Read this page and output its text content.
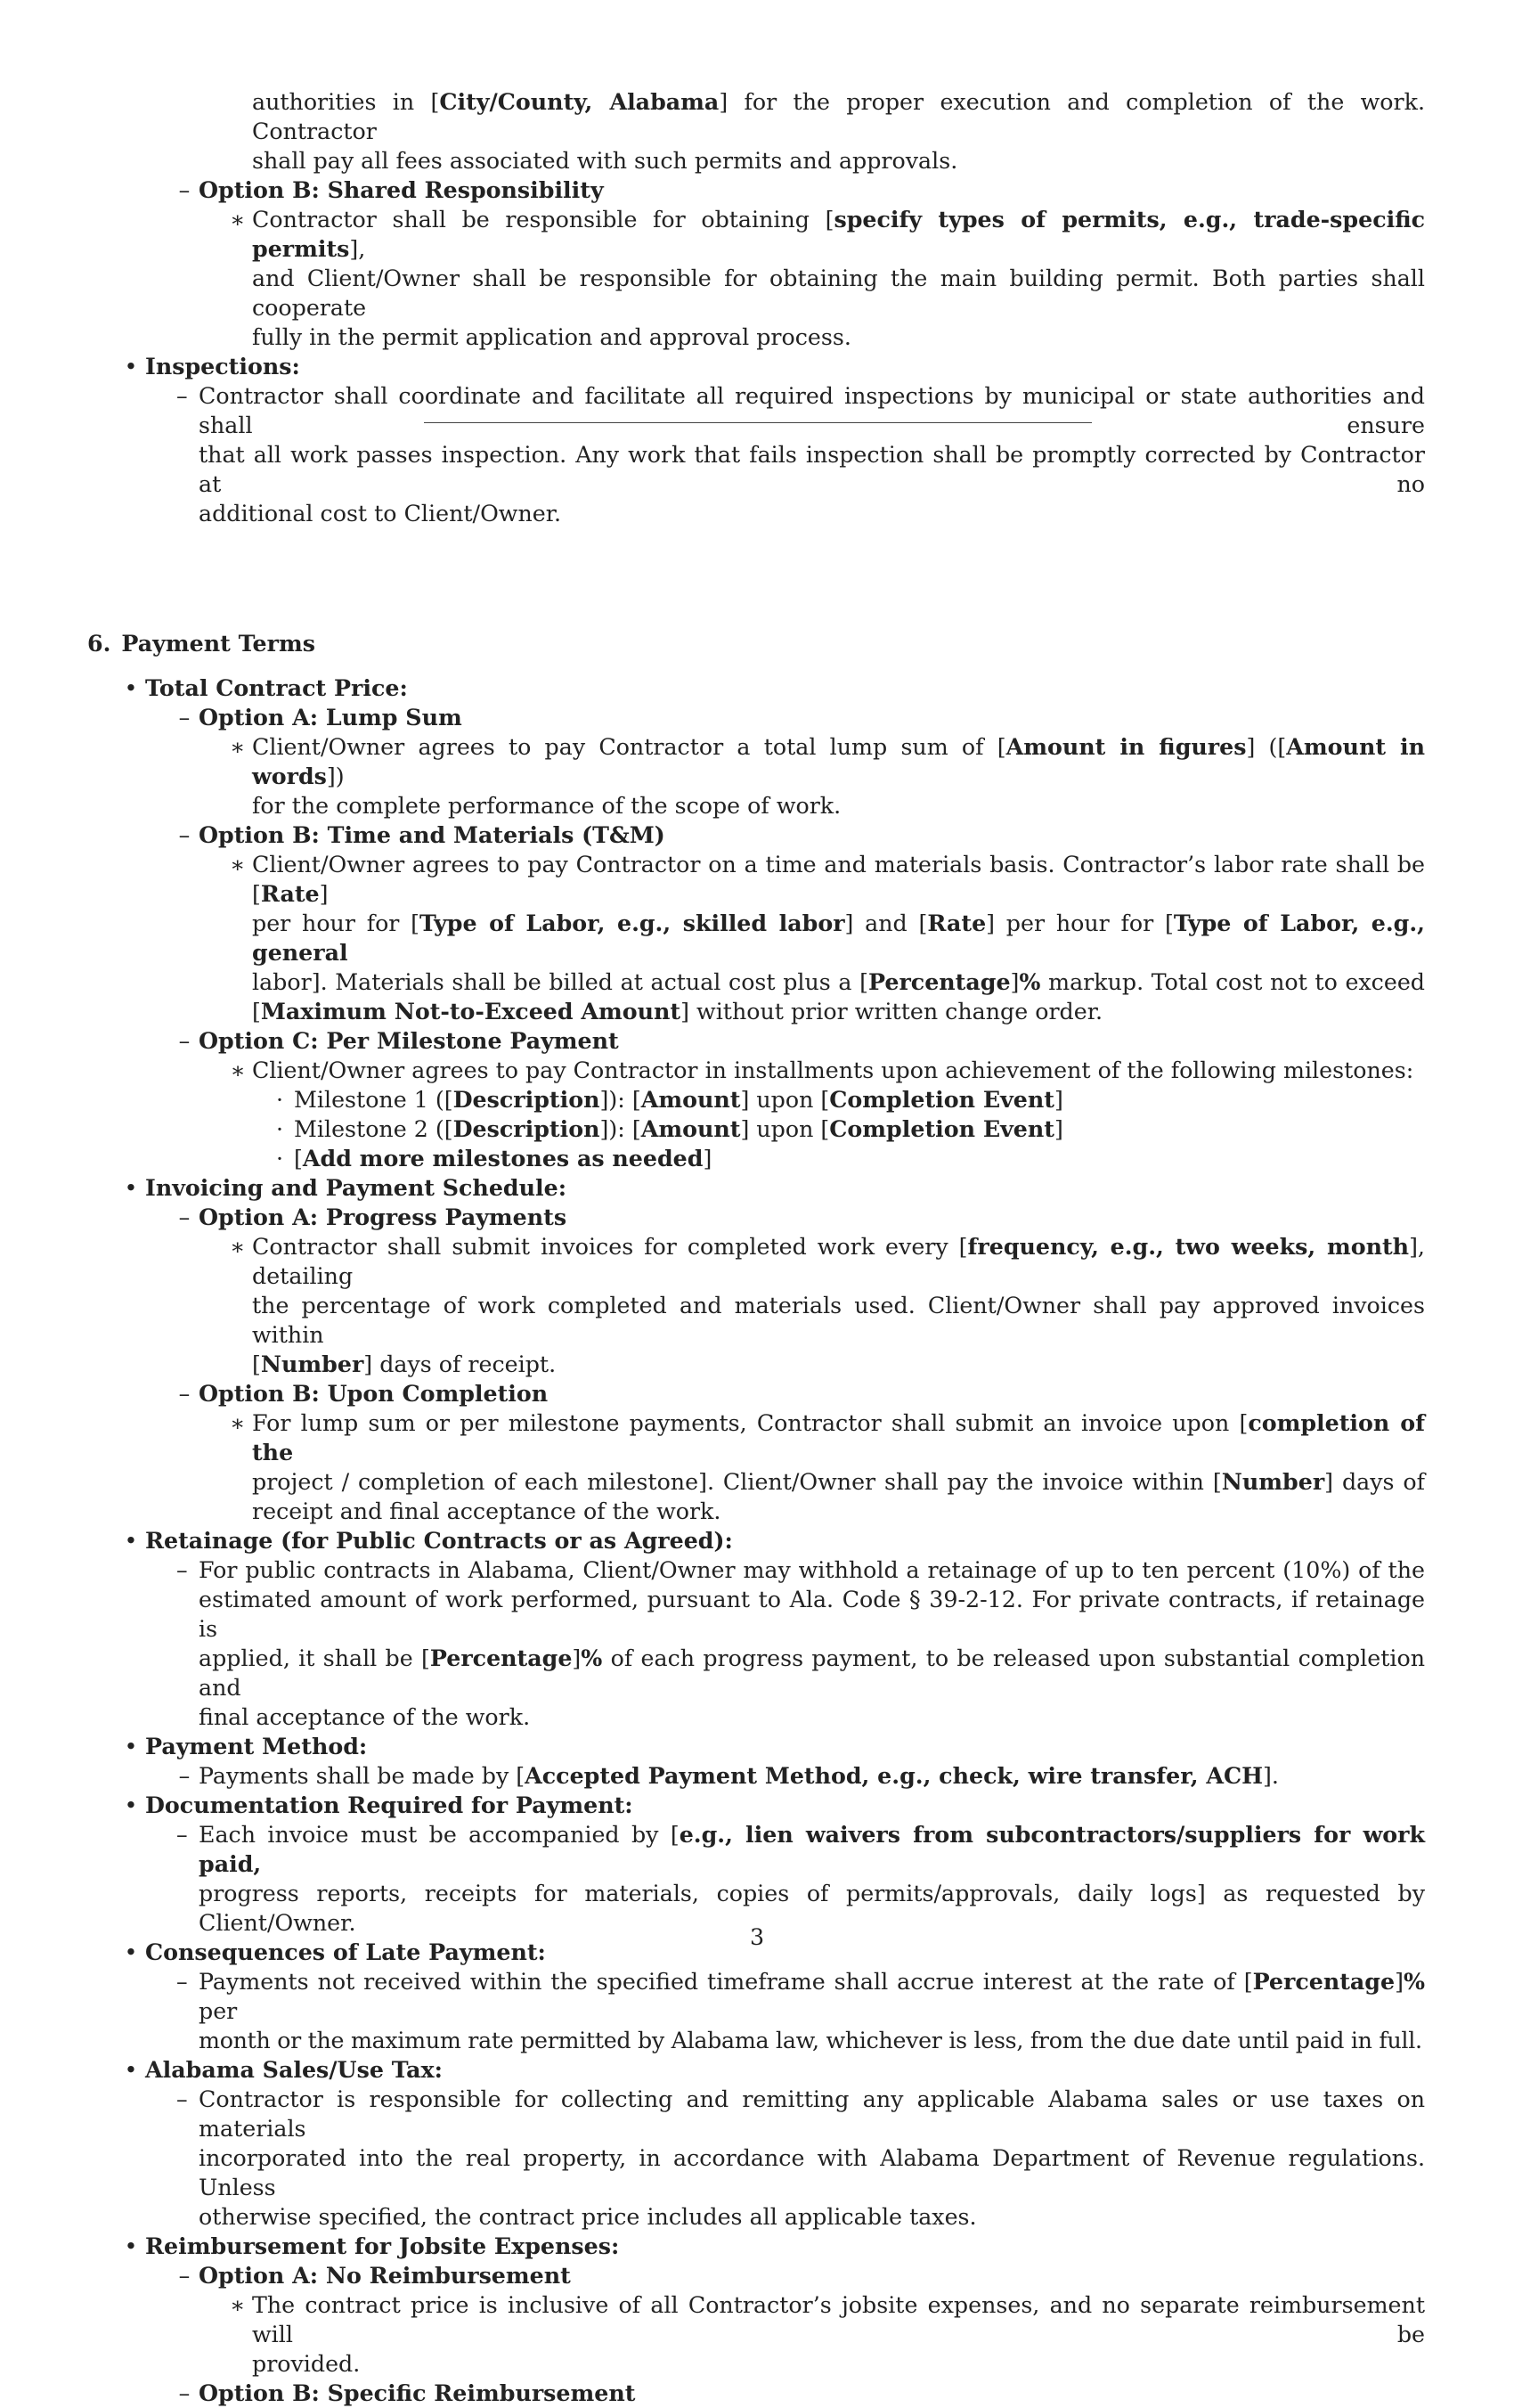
authorities in [City/County, Alabama] for the proper execution and completion of the work. Contractor
shall pay all fees associated with such permits and approvals.
– Option B: Shared Responsibility
∗ Contractor shall be responsible for obtaining [specify types of permits, e.g., trade-specific permits],
and Client/Owner shall be responsible for obtaining the main building permit. Both parties shall cooperate
fully in the permit application and approval process.
• Inspections:
– Contractor shall coordinate and facilitate all required inspections by municipal or state authorities and shall ensure
that all work passes inspection. Any work that fails inspection shall be promptly corrected by Contractor at no
additional cost to Client/Owner.
6. Payment Terms
• Total Contract Price:
– Option A: Lump Sum
∗ Client/Owner agrees to pay Contractor a total lump sum of [Amount in figures] ([Amount in words])
for the complete performance of the scope of work.
– Option B: Time and Materials (T&M)
∗ Client/Owner agrees to pay Contractor on a time and materials basis. Contractor’s labor rate shall be [Rate]
per hour for [Type of Labor, e.g., skilled labor] and [Rate] per hour for [Type of Labor, e.g., general
labor]. Materials shall be billed at actual cost plus a [Percentage]% markup. Total cost not to exceed
[Maximum Not-to-Exceed Amount] without prior written change order.
– Option C: Per Milestone Payment
∗ Client/Owner agrees to pay Contractor in installments upon achievement of the following milestones:
· Milestone 1 ([Description]): [Amount] upon [Completion Event]
· Milestone 2 ([Description]): [Amount] upon [Completion Event]
· [Add more milestones as needed]
• Invoicing and Payment Schedule:
– Option A: Progress Payments
∗ Contractor shall submit invoices for completed work every [frequency, e.g., two weeks, month], detailing
the percentage of work completed and materials used. Client/Owner shall pay approved invoices within
[Number] days of receipt.
– Option B: Upon Completion
∗ For lump sum or per milestone payments, Contractor shall submit an invoice upon [completion of the
project / completion of each milestone]. Client/Owner shall pay the invoice within [Number] days of
receipt and final acceptance of the work.
• Retainage (for Public Contracts or as Agreed):
– For public contracts in Alabama, Client/Owner may withhold a retainage of up to ten percent (10%) of the
estimated amount of work performed, pursuant to Ala. Code § 39-2-12. For private contracts, if retainage is
applied, it shall be [Percentage]% of each progress payment, to be released upon substantial completion and
final acceptance of the work.
• Payment Method:
– Payments shall be made by [Accepted Payment Method, e.g., check, wire transfer, ACH].
• Documentation Required for Payment:
– Each invoice must be accompanied by [e.g., lien waivers from subcontractors/suppliers for work paid,
progress reports, receipts for materials, copies of permits/approvals, daily logs] as requested by
Client/Owner.
• Consequences of Late Payment:
– Payments not received within the specified timeframe shall accrue interest at the rate of [Percentage]% per
month or the maximum rate permitted by Alabama law, whichever is less, from the due date until paid in full.
• Alabama Sales/Use Tax:
– Contractor is responsible for collecting and remitting any applicable Alabama sales or use taxes on materials
incorporated into the real property, in accordance with Alabama Department of Revenue regulations. Unless
otherwise specified, the contract price includes all applicable taxes.
• Reimbursement for Jobsite Expenses:
– Option A: No Reimbursement
∗ The contract price is inclusive of all Contractor’s jobsite expenses, and no separate reimbursement will be
provided.
– Option B: Specific Reimbursement
3
